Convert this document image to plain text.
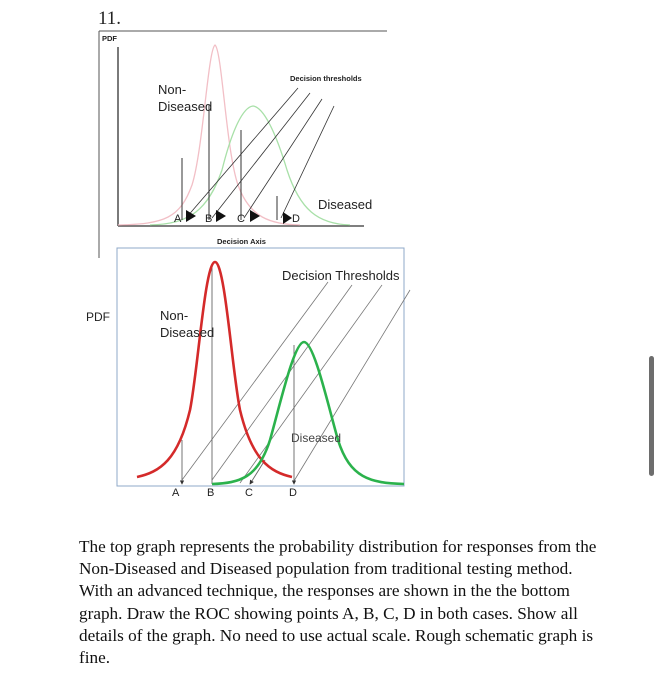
11.
PDF
Non-
Diseased
Decision thresholds
Diseased
Decision Axis
A B C	D
PDF	Non-
Diseased
Decision Thresholds
Diseased
A	B	C	D

The top graph represents the probability distribution for responses from the Non-Diseased and Diseased population from traditional testing method. With an advanced technique, the responses are shown in the the bottom graph. Draw the ROC showing points A, B, C, D in both cases. Show all details of the graph. No need to use actual scale. Rough schematic graph is fine.
